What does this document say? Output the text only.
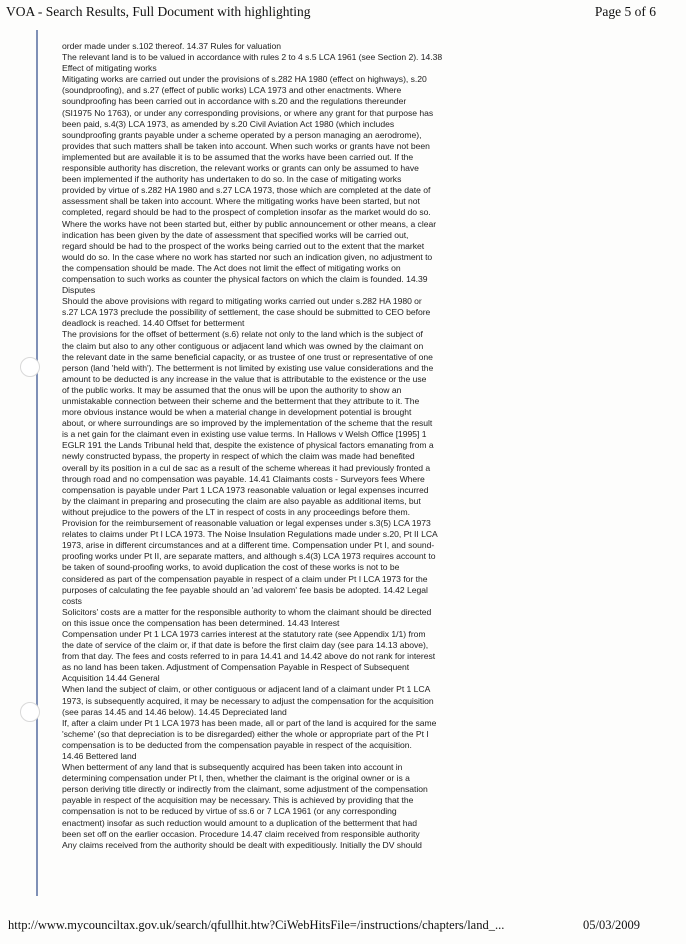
VOA - Search Results, Full Document with highlighting	Page 5 of 6
order made under s.102 thereof. 14.37 Rules for valuation
The relevant land is to be valued in accordance with rules 2 to 4 s.5 LCA 1961 (see Section 2). 14.38
Effect of mitigating works
Mitigating works are carried out under the provisions of s.282 HA 1980 (effect on highways), s.20
(soundproofing), and s.27 (effect of public works) LCA 1973 and other enactments. Where
soundproofing has been carried out in accordance with s.20 and the regulations thereunder
(SI1975 No 1763), or under any corresponding provisions, or where any grant for that purpose has
been paid, s.4(3) LCA 1973, as amended by s.20 Civil Aviation Act 1980 (which includes
soundproofing grants payable under a scheme operated by a person managing an aerodrome),
provides that such matters shall be taken into account. When such works or grants have not been
implemented but are available it is to be assumed that the works have been carried out. If the
responsible authority has discretion, the relevant works or grants can only be assumed to have
been implemented if the authority has undertaken to do so. In the case of mitigating works
provided by virtue of s.282 HA 1980 and s.27 LCA 1973, those which are completed at the date of
assessment shall be taken into account. Where the mitigating works have been started, but not
completed, regard should be had to the prospect of completion insofar as the market would do so.
Where the works have not been started but, either by public announcement or other means, a clear
indication has been given by the date of assessment that specified works will be carried out,
regard should be had to the prospect of the works being carried out to the extent that the market
would do so. In the case where no work has started nor such an indication given, no adjustment to
the compensation should be made. The Act does not limit the effect of mitigating works on
compensation to such works as counter the physical factors on which the claim is founded. 14.39
Disputes
Should the above provisions with regard to mitigating works carried out under s.282 HA 1980 or
s.27 LCA 1973 preclude the possibility of settlement, the case should be submitted to CEO before
deadlock is reached. 14.40 Offset for betterment
The provisions for the offset of betterment (s.6) relate not only to the land which is the subject of
the claim but also to any other contiguous or adjacent land which was owned by the claimant on
the relevant date in the same beneficial capacity, or as trustee of one trust or representative of one
person (land 'held with'). The betterment is not limited by existing use value considerations and the
amount to be deducted is any increase in the value that is attributable to the existence or the use
of the public works. It may be assumed that the onus will be upon the authority to show an
unmistakable connection between their scheme and the betterment that they attribute to it. The
more obvious instance would be when a material change in development potential is brought
about, or where surroundings are so improved by the implementation of the scheme that the result
is a net gain for the claimant even in existing use value terms. In Hallows v Welsh Office [1995] 1
EGLR 191 the Lands Tribunal held that, despite the existence of physical factors emanating from a
newly constructed bypass, the property in respect of which the claim was made had benefited
overall by its position in a cul de sac as a result of the scheme whereas it had previously fronted a
through road and no compensation was payable. 14.41 Claimants costs - Surveyors fees Where
compensation is payable under Part 1 LCA 1973 reasonable valuation or legal expenses incurred
by the claimant in preparing and prosecuting the claim are also payable as additional items, but
without prejudice to the powers of the LT in respect of costs in any proceedings before them.
Provision for the reimbursement of reasonable valuation or legal expenses under s.3(5) LCA 1973
relates to claims under Pt I LCA 1973. The Noise Insulation Regulations made under s.20, Pt II LCA
1973, arise in different circumstances and at a different time. Compensation under Pt I, and sound-
proofing works under Pt II, are separate matters, and although s.4(3) LCA 1973 requires account to
be taken of sound-proofing works, to avoid duplication the cost of these works is not to be
considered as part of the compensation payable in respect of a claim under Pt I LCA 1973 for the
purposes of calculating the fee payable should an 'ad valorem' fee basis be adopted. 14.42 Legal
costs
Solicitors' costs are a matter for the responsible authority to whom the claimant should be directed
on this issue once the compensation has been determined. 14.43 Interest
Compensation under Pt 1 LCA 1973 carries interest at the statutory rate (see Appendix 1/1) from
the date of service of the claim or, if that date is before the first claim day (see para 14.13 above),
from that day. The fees and costs referred to in para 14.41 and 14.42 above do not rank for interest
as no land has been taken. Adjustment of Compensation Payable in Respect of Subsequent
Acquisition 14.44 General
When land the subject of claim, or other contiguous or adjacent land of a claimant under Pt 1 LCA
1973, is subsequently acquired, it may be necessary to adjust the compensation for the acquisition
(see paras 14.45 and 14.46 below). 14.45 Depreciated land
If, after a claim under Pt 1 LCA 1973 has been made, all or part of the land is acquired for the same
'scheme' (so that depreciation is to be disregarded) either the whole or appropriate part of the Pt I
compensation is to be deducted from the compensation payable in respect of the acquisition.
14.46 Bettered land
When betterment of any land that is subsequently acquired has been taken into account in
determining compensation under Pt I, then, whether the claimant is the original owner or is a
person deriving title directly or indirectly from the claimant, some adjustment of the compensation
payable in respect of the acquisition may be necessary. This is achieved by providing that the
compensation is not to be reduced by virtue of ss.6 or 7 LCA 1961 (or any corresponding
enactment) insofar as such reduction would amount to a duplication of the betterment that had
been set off on the earlier occasion. Procedure 14.47 claim received from responsible authority
Any claims received from the authority should be dealt with expeditiously. Initially the DV should
http://www.mycounciltax.gov.uk/search/qfullhit.htw?CiWebHitsFile=/instructions/chapters/land_...	05/03/2009
